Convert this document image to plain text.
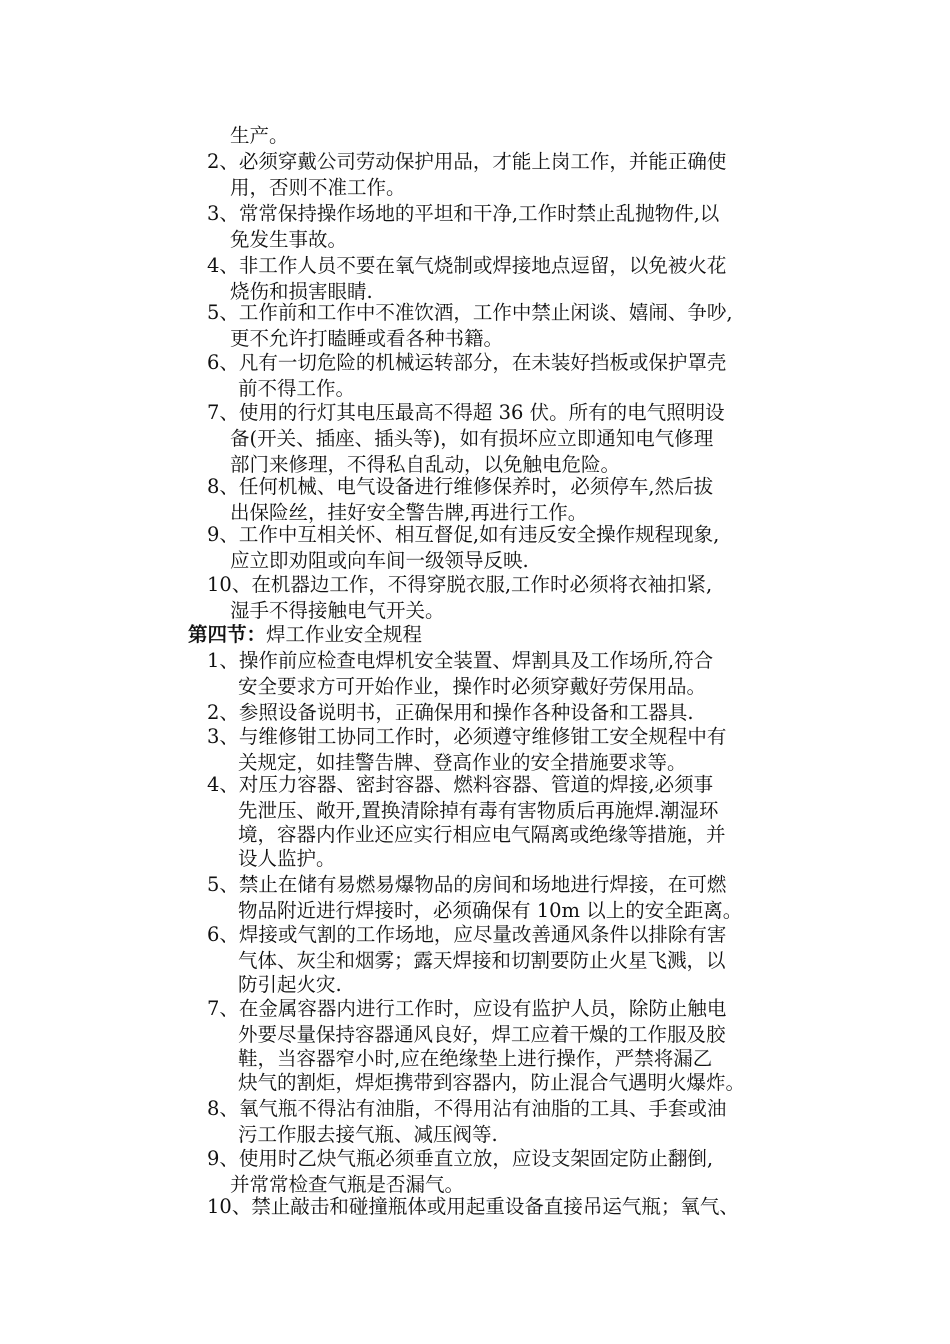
生产。
2、必须穿戴公司劳动保护用品，才能上岗工作，并能正确使
用，否则不准工作。
3、常常保持操作场地的平坦和干净,工作时禁止乱抛物件,以
免发生事故。
4、非工作人员不要在氧气烧制或焊接地点逗留，以免被火花
烧伤和损害眼睛.
5、工作前和工作中不准饮酒，工作中禁止闲谈、嬉闹、争吵,
更不允许打瞌睡或看各种书籍。
6、凡有一切危险的机械运转部分，在未装好挡板或保护罩壳
前不得工作。
7、使用的行灯其电压最高不得超 36 伏。所有的电气照明设
备(开关、插座、插头等)，如有损坏应立即通知电气修理
部门来修理，不得私自乱动，以免触电危险。
8、任何机械、电气设备进行维修保养时，必须停车,然后拔
出保险丝，挂好安全警告牌,再进行工作。
9、工作中互相关怀、相互督促,如有违反安全操作规程现象,
应立即劝阻或向车间一级领导反映.
10、在机器边工作，不得穿脱衣服,工作时必须将衣袖扣紧,
湿手不得接触电气开关。
第四节：焊工作业安全规程
1、操作前应检查电焊机安全装置、焊割具及工作场所,符合
安全要求方可开始作业，操作时必须穿戴好劳保用品。
2、参照设备说明书，正确保用和操作各种设备和工器具.
3、与维修钳工协同工作时，必须遵守维修钳工安全规程中有
关规定，如挂警告牌、登高作业的安全措施要求等。
4、对压力容器、密封容器、燃料容器、管道的焊接,必须事
先泄压、敞开,置换清除掉有毒有害物质后再施焊.潮湿环
境，容器内作业还应实行相应电气隔离或绝缘等措施，并
设人监护。
5、禁止在储有易燃易爆物品的房间和场地进行焊接，在可燃
物品附近进行焊接时，必须确保有 10m 以上的安全距离。
6、焊接或气割的工作场地，应尽量改善通风条件以排除有害
气体、灰尘和烟雾；露天焊接和切割要防止火星飞溅，以
防引起火灾.
7、在金属容器内进行工作时，应设有监护人员，除防止触电
外要尽量保持容器通风良好，焊工应着干燥的工作服及胶
鞋，当容器窄小时,应在绝缘垫上进行操作，严禁将漏乙
炔气的割炬，焊炬携带到容器内，防止混合气遇明火爆炸。
8、氧气瓶不得沾有油脂，不得用沾有油脂的工具、手套或油
污工作服去接气瓶、减压阀等.
9、使用时乙炔气瓶必须垂直立放，应设支架固定防止翻倒,
并常常检查气瓶是否漏气。
10、禁止敲击和碰撞瓶体或用起重设备直接吊运气瓶；氧气、
